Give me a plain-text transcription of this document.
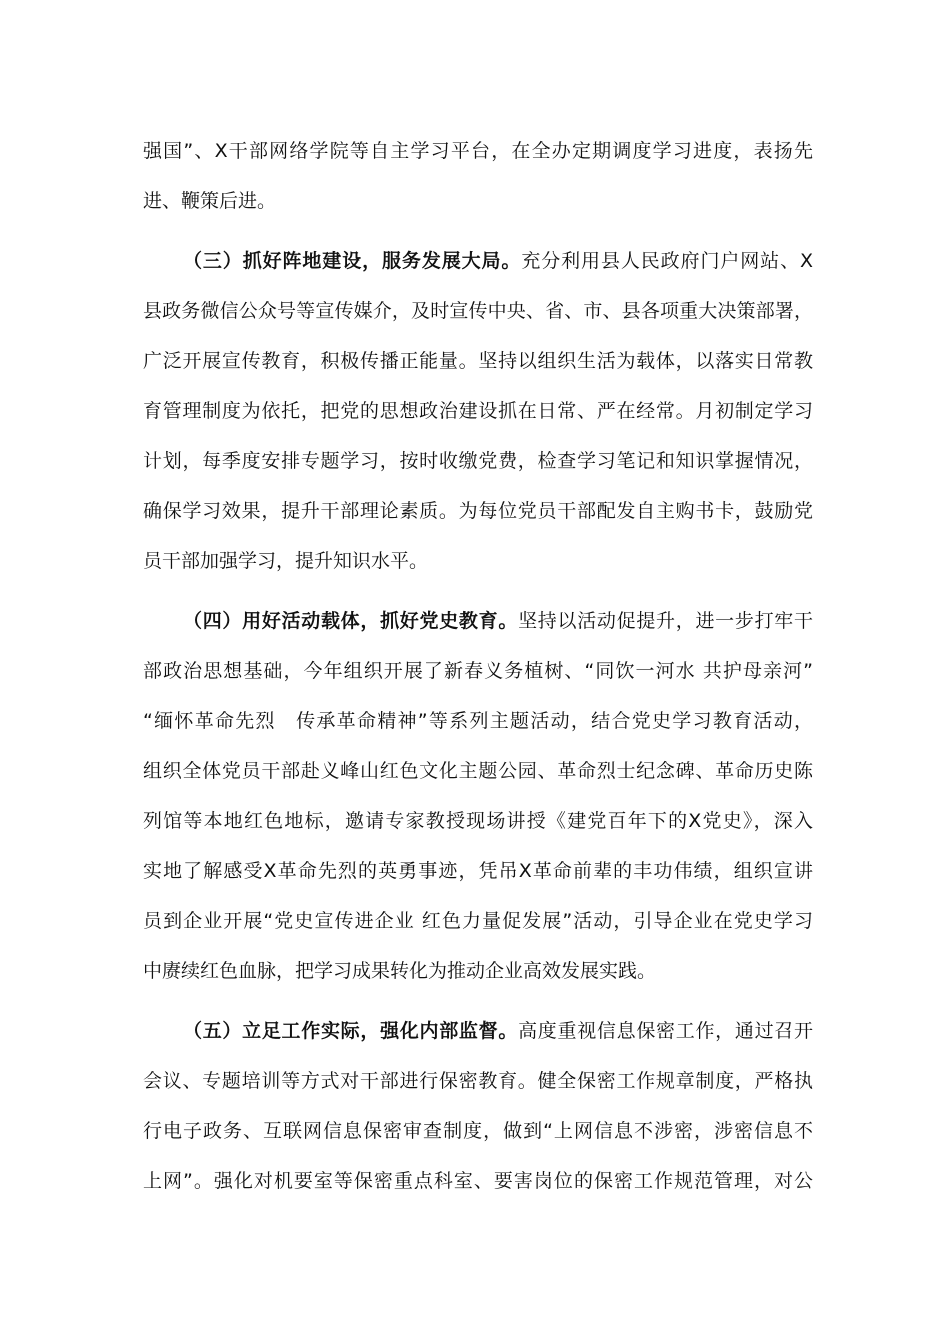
强国”、X干部网络学院等自主学习平台，在全办定期调度学习进度，表扬先
进、鞭策后进。
（三）抓好阵地建设，服务发展大局。充分利用县人民政府门户网站、X
县政务微信公众号等宣传媒介，及时宣传中央、省、市、县各项重大决策部署，
广泛开展宣传教育，积极传播正能量。坚持以组织生活为载体，以落实日常教
育管理制度为依托，把党的思想政治建设抓在日常、严在经常。月初制定学习
计划，每季度安排专题学习，按时收缴党费，检查学习笔记和知识掌握情况，
确保学习效果，提升干部理论素质。为每位党员干部配发自主购书卡，鼓励党
员干部加强学习，提升知识水平。
（四）用好活动载体，抓好党史教育。坚持以活动促提升，进一步打牢干
部政治思想基础，今年组织开展了新春义务植树、“同饮一河水 共护母亲河”
“缅怀革命先烈　传承革命精神”等系列主题活动，结合党史学习教育活动，
组织全体党员干部赴义峰山红色文化主题公园、革命烈士纪念碑、革命历史陈
列馆等本地红色地标，邀请专家教授现场讲授《建党百年下的X党史》，深入
实地了解感受X革命先烈的英勇事迹，凭吊X革命前辈的丰功伟绩，组织宣讲
员到企业开展“党史宣传进企业 红色力量促发展”活动，引导企业在党史学习
中赓续红色血脉，把学习成果转化为推动企业高效发展实践。
（五）立足工作实际，强化内部监督。高度重视信息保密工作，通过召开
会议、专题培训等方式对干部进行保密教育。健全保密工作规章制度，严格执
行电子政务、互联网信息保密审查制度，做到“上网信息不涉密，涉密信息不
上网”。强化对机要室等保密重点科室、要害岗位的保密工作规范管理，对公
